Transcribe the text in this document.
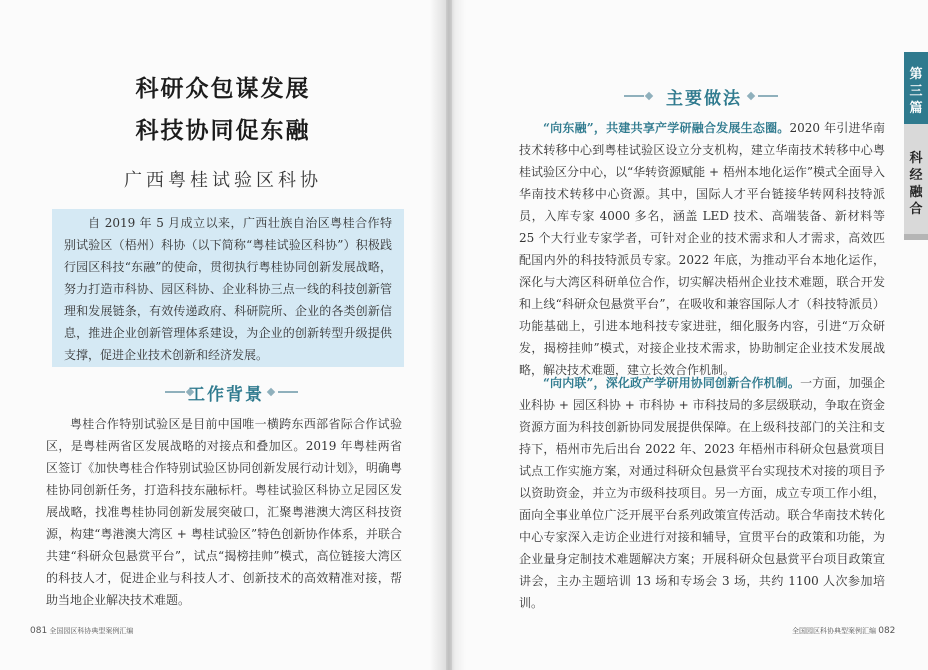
科研众包谋发展
科技协同促东融
广西粤桂试验区科协

自 2019 年 5 月成立以来，广西壮族自治区粤桂合作特别试验区（梧州）科协（以下简称“粤桂试验区科协”）积极践行园区科技“东融”的使命，贯彻执行粤桂协同创新发展战略，努力打造市科协、园区科协、企业科协三点一线的科技创新管理和发展链条，有效传递政府、科研院所、企业的各类创新信息，推进企业创新管理体系建设，为企业的创新转型升级提供支撑，促进企业技术创新和经济发展。

工作背景

粤桂合作特别试验区是目前中国唯一横跨东西部省际合作试验区，是粤桂两省区发展战略的对接点和叠加区。2019 年粤桂两省区签订《加快粤桂合作特别试验区协同创新发展行动计划》，明确粤桂协同创新任务，打造科技东融标杆。粤桂试验区科协立足园区发展战略，找准粤桂协同创新发展突破口，汇聚粤港澳大湾区科技资源，构建“粤港澳大湾区 + 粤桂试验区”特色创新协作体系，并联合共建“科研众包悬赏平台”，试点“揭榜挂帅”模式，高位链接大湾区的科技人才，促进企业与科技人才、创新技术的高效精准对接，帮助当地企业解决技术难题。

081 全国园区科协典型案例汇编
主要做法

“向东融”，共建共享产学研融合发展生态圈。2020 年引进华南技术转移中心到粤桂试验区设立分支机构，建立华南技术转移中心粤桂试验区分中心，以“华转资源赋能 + 梧州本地化运作”模式全面导入华南技术转移中心资源。其中，国际人才平台链接华转网科技特派员，入库专家 4000 多名，涵盖 LED 技术、高端装备、新材料等 25 个大行业专家学者，可针对企业的技术需求和人才需求，高效匹配国内外的科技特派员专家。2022 年底，为推动平台本地化运作，深化与大湾区科研单位合作，切实解决梧州企业技术难题，联合开发和上线“科研众包悬赏平台”，在吸收和兼容国际人才（科技特派员）功能基础上，引进本地科技专家进驻，细化服务内容，引进“万众研发，揭榜挂帅”模式，对接企业技术需求，协助制定企业技术发展战略，解决技术难题，建立长效合作机制。

“向内联”，深化政产学研用协同创新合作机制。一方面，加强企业科协 + 园区科协 + 市科协 + 市科技局的多层级联动，争取在资金资源方面为科技创新协同发展提供保障。在上级科技部门的关注和支持下，梧州市先后出台 2022 年、2023 年梧州市科研众包悬赏项目试点工作实施方案，对通过科研众包悬赏平台实现技术对接的项目予以资助资金，并立为市级科技项目。另一方面，成立专项工作小组，面向全事业单位广泛开展平台系列政策宣传活动。联合华南技术转化中心专家深入走访企业进行对接和辅导，宣贯平台的政策和功能，为企业量身定制技术难题解决方案；开展科研众包悬赏平台项目政策宣讲会，主办主题培训 13 场和专场会 3 场，共约 1100 人次参加培训。

全国园区科协典型案例汇编 082
第三篇
科经融合
